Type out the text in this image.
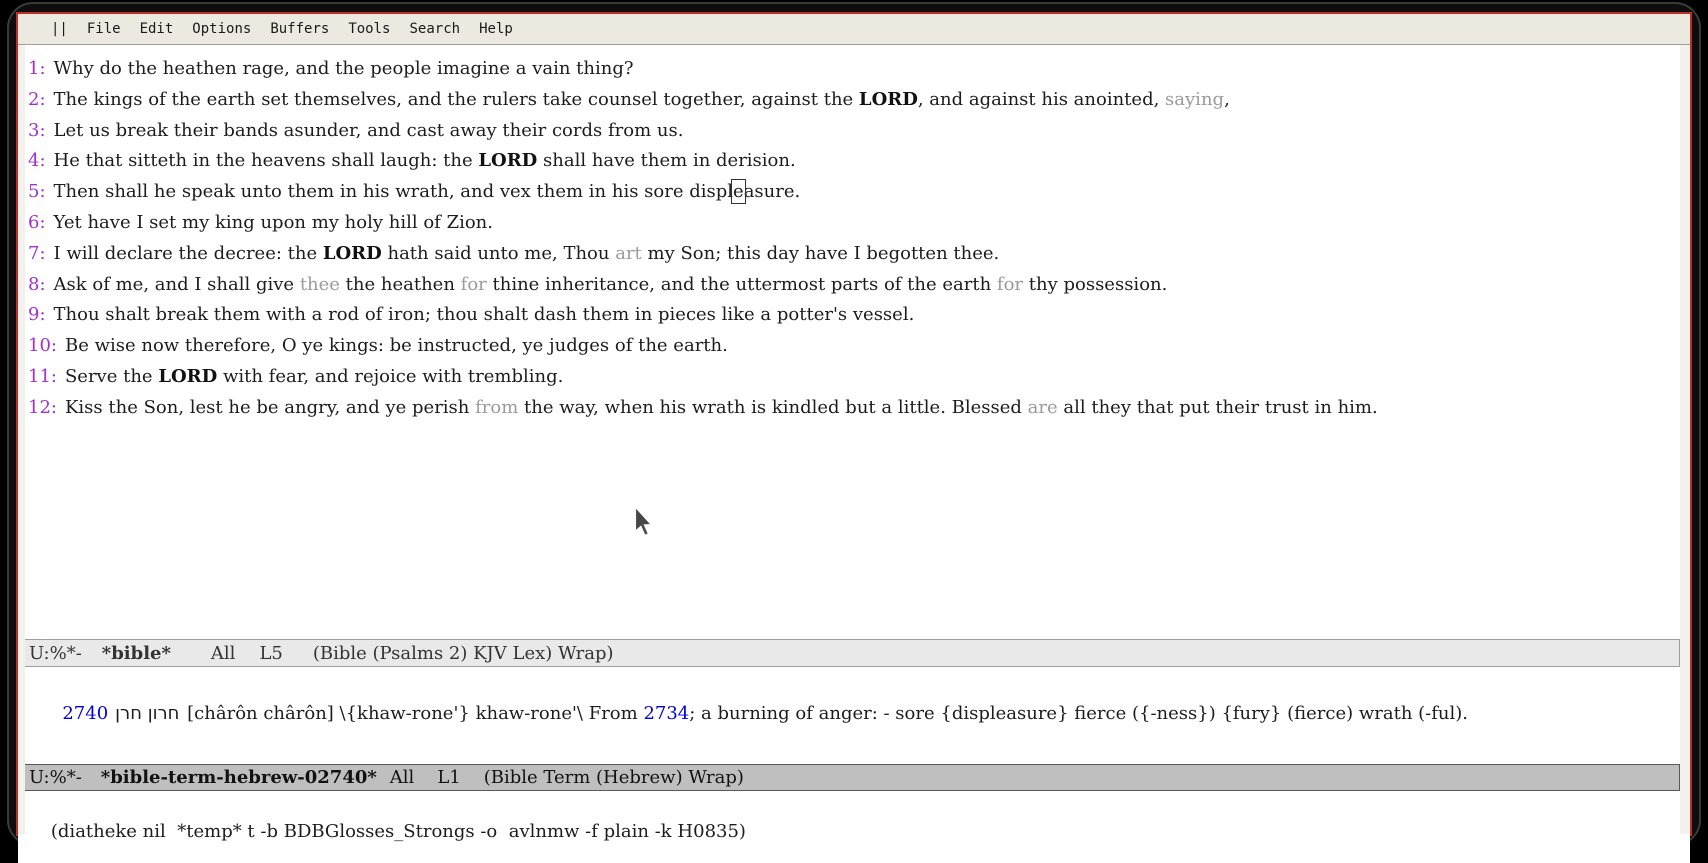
|| File Edit Options Buffers Tools Search Help
1: Why do the heathen rage, and the people imagine a vain thing?
2: The kings of the earth set themselves, and the rulers take counsel together, against the LORD, and against his anointed, saying,
3: Let us break their bands asunder, and cast away their cords from us.
4: He that sitteth in the heavens shall laugh: the LORD shall have them in derision.
5: Then shall he speak unto them in his wrath, and vex them in his sore displeasure.
6: Yet have I set my king upon my holy hill of Zion.
7: I will declare the decree: the LORD hath said unto me, Thou art my Son; this day have I begotten thee.
8: Ask of me, and I shall give thee the heathen for thine inheritance, and the uttermost parts of the earth for thy possession.
9: Thou shalt break them with a rod of iron; thou shalt dash them in pieces like a potter's vessel.
10: Be wise now therefore, O ye kings: be instructed, ye judges of the earth.
11: Serve the LORD with fear, and rejoice with trembling.
12: Kiss the Son, lest he be angry, and ye perish from the way, when his wrath is kindled but a little. Blessed are all they that put their trust in him.
U:%*- *bible* All L5 (Bible (Psalms 2) KJV Lex) Wrap)

2740 חרון חרן [chârôn chârôn] \{khaw-rone'} khaw-rone'\ From 2734; a burning of anger: - sore {displeasure} fierce ({-ness}) {fury} (fierce) wrath (-ful).

U:%*- *bible-term-hebrew-02740* All L1 (Bible Term (Hebrew) Wrap)

(diatheke nil  *temp* t -b BDBGlosses_Strongs -o  avlnmw -f plain -k H0835)
